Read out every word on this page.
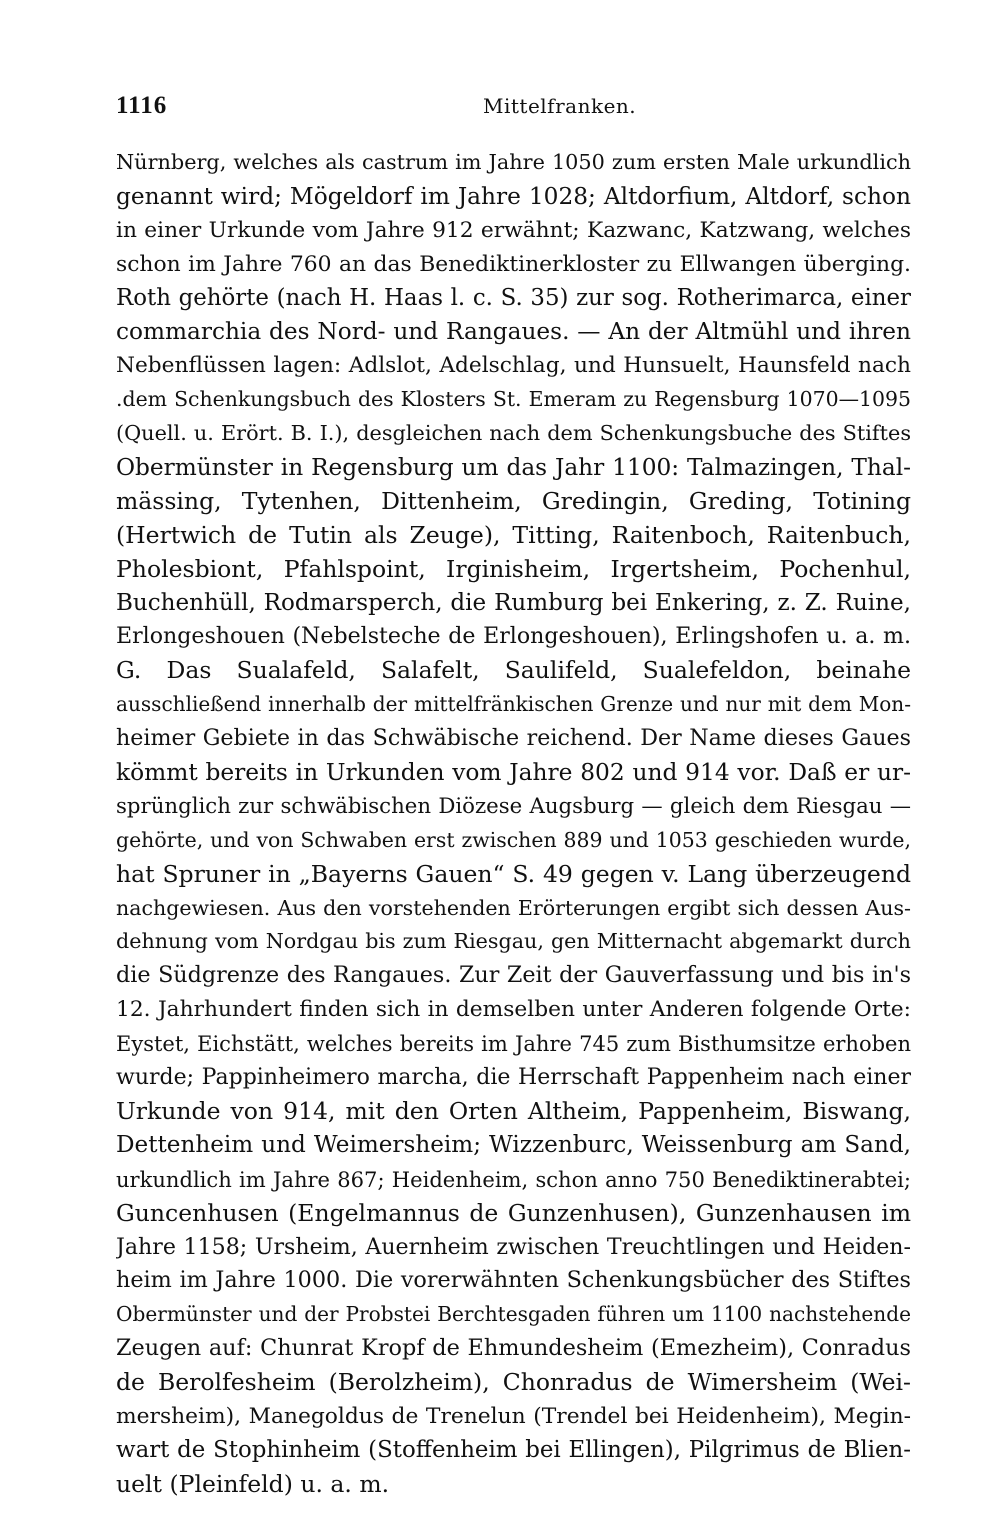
1116	Mittelfranken.
Nürnberg, welches als castrum im Jahre 1050 zum ersten Male urkundlich
genannt wird; Mögeldorf im Jahre 1028; Altdorfium, Altdorf, schon
in einer Urkunde vom Jahre 912 erwähnt; Kazwanc, Katzwang, welches
schon im Jahre 760 an das Benediktinerkloster zu Ellwangen überging.
Roth gehörte (nach H. Haas l. c. S. 35) zur sog. Rotherimarca, einer
commarchia des Nord- und Rangaues. — An der Altmühl und ihren
Nebenflüssen lagen: Adlslot, Adelschlag, und Hunsuelt, Haunsfeld nach
.dem Schenkungsbuch des Klosters St. Emeram zu Regensburg 1070—1095
(Quell. u. Erört. B. I.), desgleichen nach dem Schenkungsbuche des Stiftes
Obermünster in Regensburg um das Jahr 1100: Talmazingen, Thal-
mässing, Tytenhen, Dittenheim, Gredingin, Greding, Totining
(Hertwich de Tutin als Zeuge), Titting, Raitenboch, Raitenbuch,
Pholesbiont, Pfahlspoint, Irginisheim, Irgertsheim, Pochenhul,
Buchenhüll, Rodmarsperch, die Rumburg bei Enkering, z. Z. Ruine,
Erlongeshouen (Nebelsteche de Erlongeshouen), Erlingshofen u. a. m.
G. Das Sualafeld, Salafelt, Saulifeld, Sualefeldon, beinahe
ausschließend innerhalb der mittelfränkischen Grenze und nur mit dem Mon-
heimer Gebiete in das Schwäbische reichend. Der Name dieses Gaues
kömmt bereits in Urkunden vom Jahre 802 und 914 vor. Daß er ur-
sprünglich zur schwäbischen Diözese Augsburg — gleich dem Riesgau —
gehörte, und von Schwaben erst zwischen 889 und 1053 geschieden wurde,
hat Spruner in „Bayerns Gauen“ S. 49 gegen v. Lang überzeugend
nachgewiesen. Aus den vorstehenden Erörterungen ergibt sich dessen Aus-
dehnung vom Nordgau bis zum Riesgau, gen Mitternacht abgemarkt durch
die Südgrenze des Rangaues. Zur Zeit der Gauverfassung und bis in's
12. Jahrhundert finden sich in demselben unter Anderen folgende Orte:
Eystet, Eichstätt, welches bereits im Jahre 745 zum Bisthumsitze erhoben
wurde; Pappinheimero marcha, die Herrschaft Pappenheim nach einer
Urkunde von 914, mit den Orten Altheim, Pappenheim, Biswang,
Dettenheim und Weimersheim; Wizzenburc, Weissenburg am Sand,
urkundlich im Jahre 867; Heidenheim, schon anno 750 Benediktinerabtei;
Guncenhusen (Engelmannus de Gunzenhusen), Gunzenhausen im
Jahre 1158; Ursheim, Auernheim zwischen Treuchtlingen und Heiden-
heim im Jahre 1000. Die vorerwähnten Schenkungsbücher des Stiftes
Obermünster und der Probstei Berchtesgaden führen um 1100 nachstehende
Zeugen auf: Chunrat Kropf de Ehmundesheim (Emezheim), Conradus
de Berolfesheim (Berolzheim), Chonradus de Wimersheim (Wei-
mersheim), Manegoldus de Trenelun (Trendel bei Heidenheim), Megin-
wart de Stophinheim (Stoffenheim bei Ellingen), Pilgrimus de Blien-
uelt (Pleinfeld) u. a. m.
